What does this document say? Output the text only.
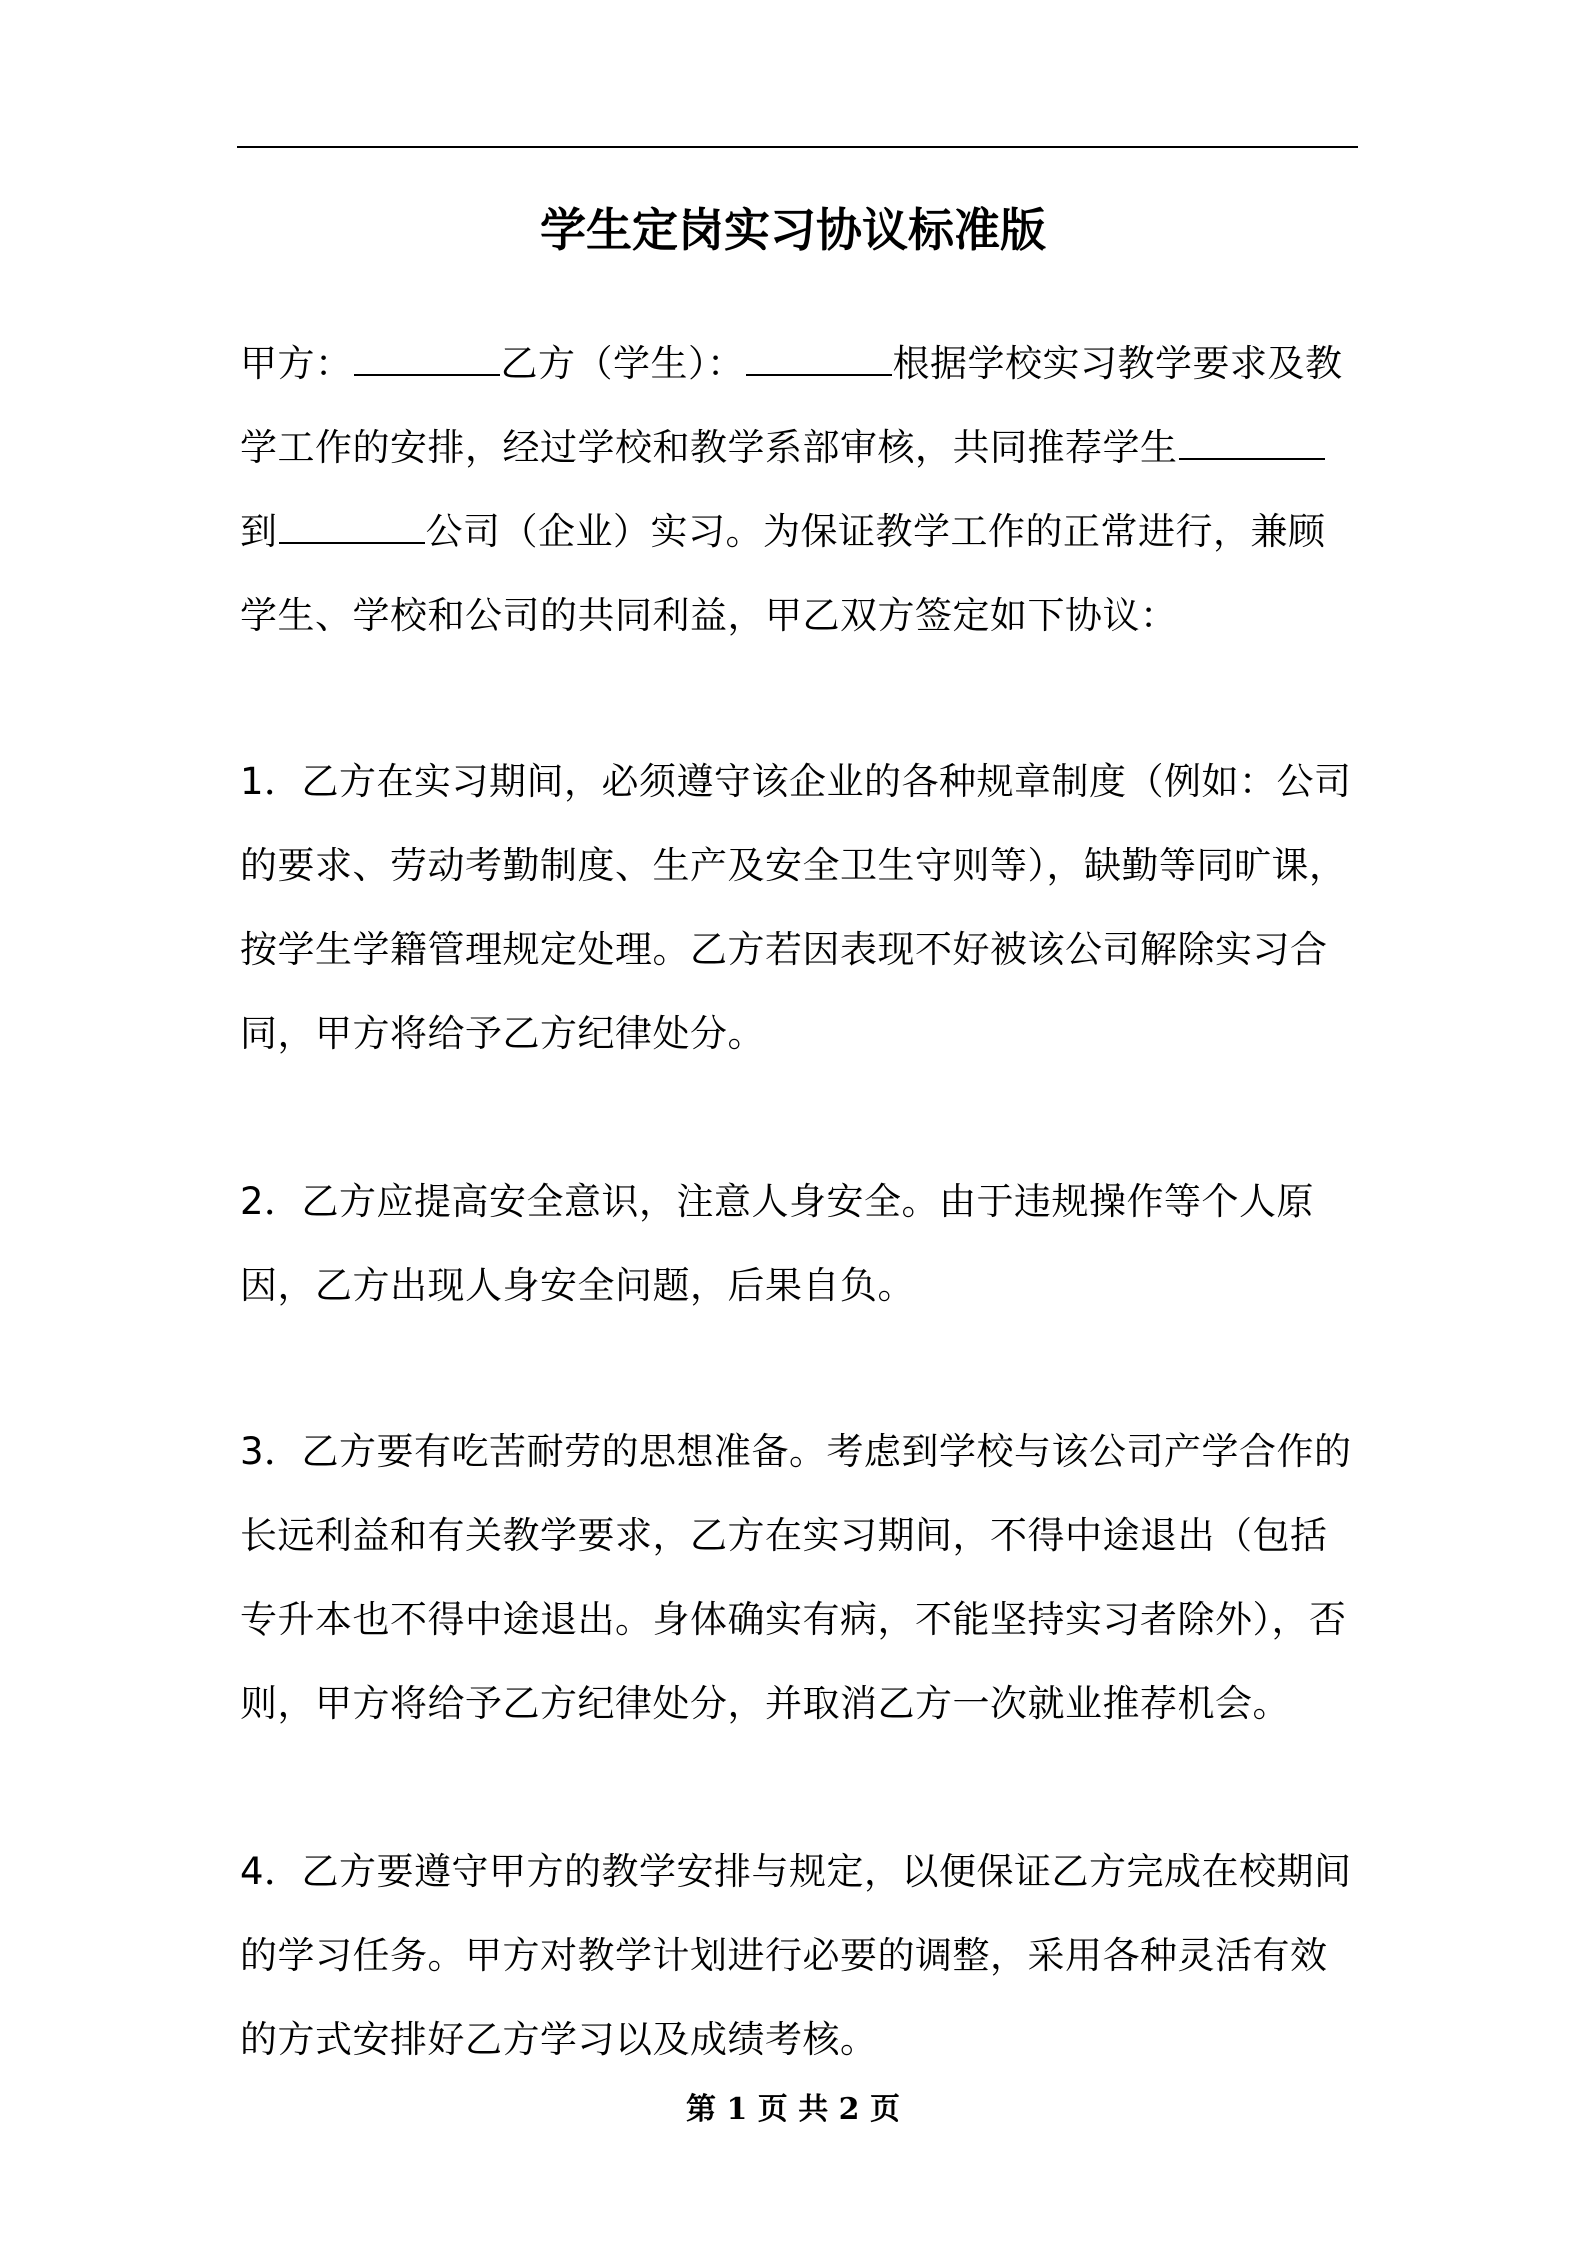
学生定岗实习协议标准版
甲方：	乙方（学生）：	根据学校实习教学要求及教学工作的安排，经过学校和教学系部审核，共同推荐学生到	公司（企业）实习。为保证教学工作的正常进行，兼顾学生、学校和公司的共同利益，甲乙双方签定如下协议：
1．乙方在实习期间，必须遵守该企业的各种规章制度（例如：公司的要求、劳动考勤制度、生产及安全卫生守则等），缺勤等同旷课，按学生学籍管理规定处理。乙方若因表现不好被该公司解除实习合同，甲方将给予乙方纪律处分。
2．乙方应提高安全意识，注意人身安全。由于违规操作等个人原因，乙方出现人身安全问题，后果自负。
3．乙方要有吃苦耐劳的思想准备。考虑到学校与该公司产学合作的长远利益和有关教学要求，乙方在实习期间，不得中途退出（包括专升本也不得中途退出。身体确实有病，不能坚持实习者除外），否则，甲方将给予乙方纪律处分，并取消乙方一次就业推荐机会。
4．乙方要遵守甲方的教学安排与规定，以便保证乙方完成在校期间的学习任务。甲方对教学计划进行必要的调整，采用各种灵活有效的方式安排好乙方学习以及成绩考核。
第 1 页 共 2 页
